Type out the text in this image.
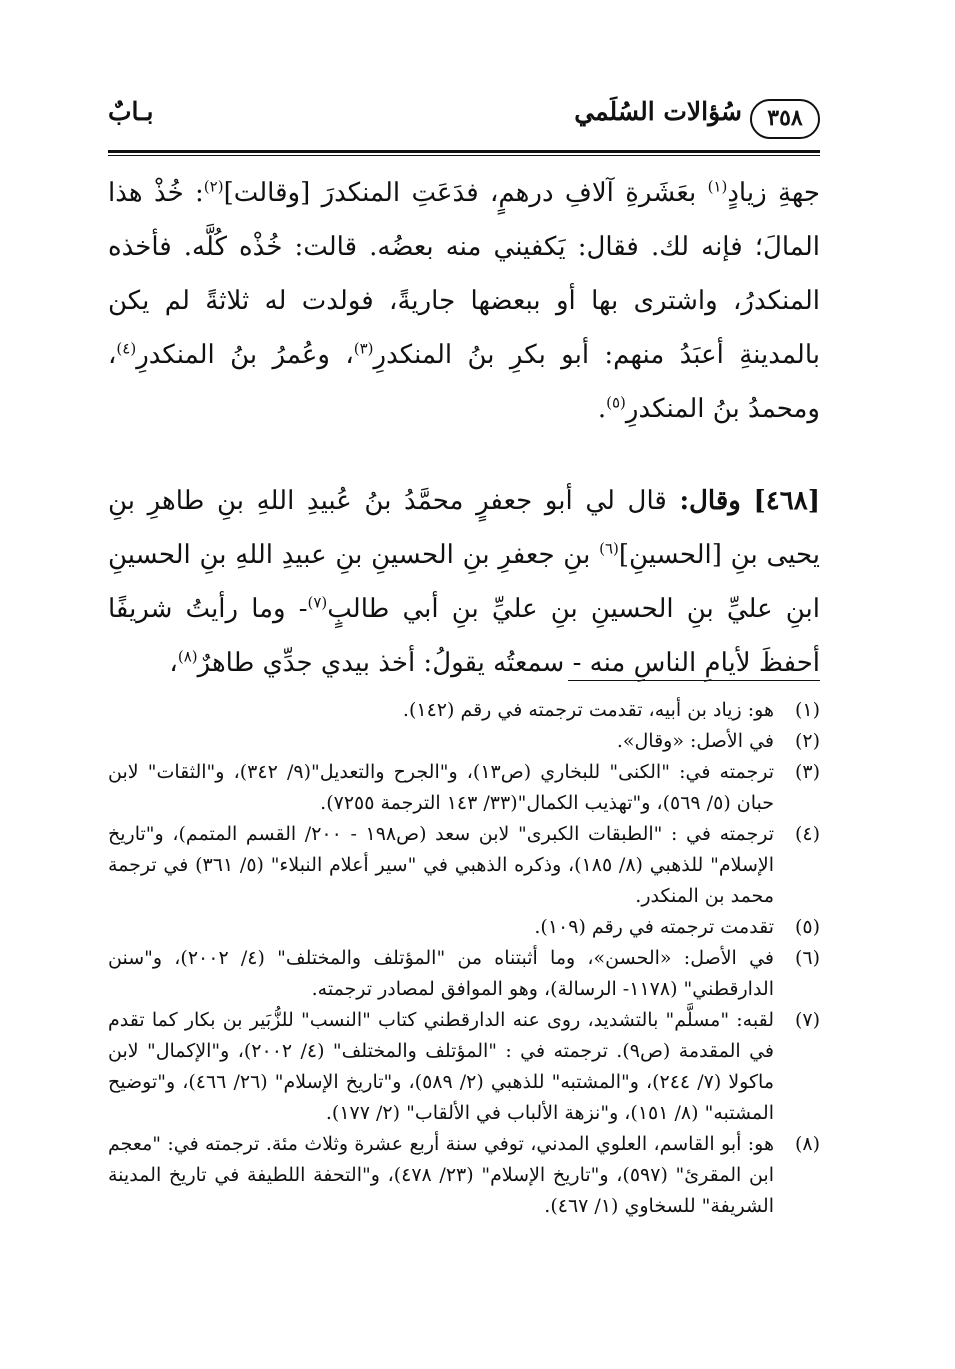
٣٥٨
سُؤالات السُلَمي
بـابٌ

جهةِ زيادٍ$^{(١)}$ بعَشَرةِ آلافِ درهمٍ، فدَعَتِ المنكدرَ [وقالت]$^{(٢)}$: خُذْ هذا المالَ؛ فإنه لك. فقال: يَكفيني منه بعضُه. قالت: خُذْه كُلَّه. فأخذه المنكدرُ، واشترى بها أو ببعضها جاريةً، فولدت له ثلاثةً لم يكن بالمدينةِ أعبَدُ منهم: أبو بكرِ بنُ المنكدرِ$^{(٣)}$، وعُمرُ بنُ المنكدرِ$^{(٤)}$، ومحمدُ بنُ المنكدرِ$^{(٥)}$.

[٤٦٨] وقال: قال لي أبو جعفرٍ محمَّدُ بنُ عُبيدِ اللهِ بنِ طاهرِ بنِ يحيى بنِ [الحسينِ]$^{(٦)}$ بنِ جعفرِ بنِ الحسينِ بنِ عبيدِ اللهِ بنِ الحسينِ ابنِ عليِّ بنِ الحسينِ بنِ عليِّ بنِ أبي طالبٍ$^{(٧)}$- وما رأيتُ شريفًا أحفظَ لأيامِ الناسِ منه - سمعتُه يقولُ: أخذ بيدي جدِّي طاهرٌ$^{(٨)}$،

(١)
هو: زياد بن أبيه، تقدمت ترجمته في رقم (١٤٢).
(٢)
في الأصل: «وقال».
(٣)
ترجمته في: "الكنى" للبخاري (ص١٣)، و"الجرح والتعديل"(٩/ ٣٤٢)، و"الثقات" لابن حبان (٥/ ٥٦٩)، و"تهذيب الكمال"(٣٣/ ١٤٣ الترجمة ٧٢٥٥).
(٤)
ترجمته في : "الطبقات الكبرى" لابن سعد (ص١٩٨ - ٢٠٠/ القسم المتمم)، و"تاريخ الإسلام" للذهبي (٨/ ١٨٥)، وذكره الذهبي في "سير أعلام النبلاء" (٥/ ٣٦١) في ترجمة محمد بن المنكدر.
(٥)
تقدمت ترجمته في رقم (١٠٩).
(٦)
في الأصل: «الحسن»، وما أثبتناه من "المؤتلف والمختلف" (٤/ ٢٠٠٢)، و"سنن الدارقطني" (١١٧٨- الرسالة)، وهو الموافق لمصادر ترجمته.
(٧)
لقبه: "مسلَّم" بالتشديد، روى عنه الدارقطني كتاب "النسب" للزُّبَير بن بكار كما تقدم في المقدمة (ص٩). ترجمته في : "المؤتلف والمختلف" (٤/ ٢٠٠٢)، و"الإكمال" لابن ماكولا (٧/ ٢٤٤)، و"المشتبه" للذهبي (٢/ ٥٨٩)، و"تاريخ الإسلام" (٢٦/ ٤٦٦)، و"توضيح المشتبه" (٨/ ١٥١)، و"نزهة الألباب في الألقاب" (٢/ ١٧٧).
(٨)
هو: أبو القاسم، العلوي المدني، توفي سنة أربع عشرة وثلاث مئة. ترجمته في: "معجم ابن المقرئ" (٥٩٧)، و"تاريخ الإسلام" (٢٣/ ٤٧٨)، و"التحفة اللطيفة في تاريخ المدينة الشريفة" للسخاوي (١/ ٤٦٧).
